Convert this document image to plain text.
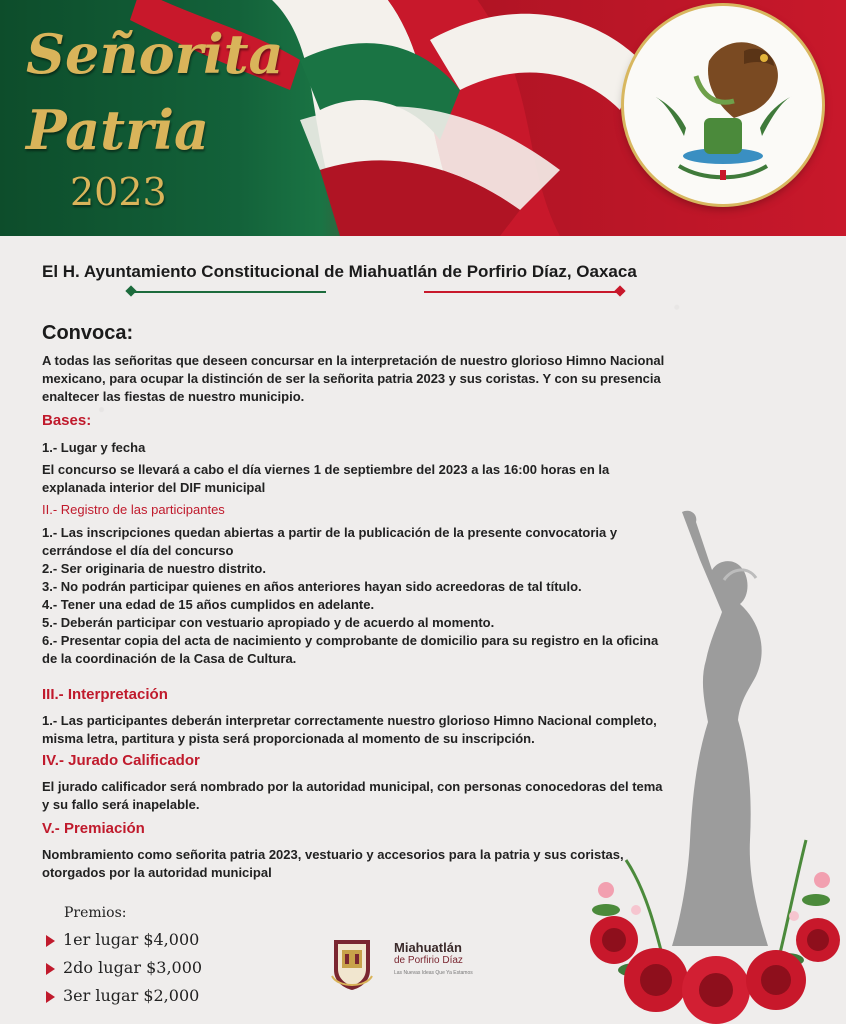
Señorita
Patria
2023
El H. Ayuntamiento Constitucional de Miahuatlán de Porfirio Díaz, Oaxaca
Convoca:
A todas las señoritas que deseen concursar en la interpretación de nuestro glorioso Himno Nacional
mexicano, para ocupar la distinción de ser la señorita patria 2023 y sus coristas. Y con su presencia
enaltecer las fiestas de nuestro municipio.
Bases:
1.- Lugar y fecha
El concurso se llevará a cabo el día viernes 1 de septiembre del 2023 a las 16:00 horas en la
explanada interior del DIF municipal
II.- Registro de las participantes
1.- Las inscripciones quedan abiertas a partir de la publicación de la presente convocatoria y
cerrándose el día del concurso
2.- Ser originaria de nuestro distrito.
3.- No podrán participar quienes en años anteriores hayan sido acreedoras de tal título.
4.- Tener una edad de 15 años cumplidos en adelante.
5.- Deberán participar con vestuario apropiado y de acuerdo al momento.
6.- Presentar copia del acta de nacimiento y comprobante de domicilio para su registro en la oficina
de la coordinación de la Casa de Cultura.
III.- Interpretación
1.- Las participantes deberán interpretar correctamente nuestro glorioso Himno Nacional completo,
misma letra, partitura y pista será proporcionada al momento de su inscripción.
IV.- Jurado Calificador
El jurado calificador será nombrado por la autoridad municipal, con personas conocedoras del tema
y su fallo será inapelable.
V.- Premiación
Nombramiento como señorita patria 2023, vestuario y accesorios para la patria y sus coristas,
otorgados por la autoridad municipal
Premios:
1er lugar $4,000
2do lugar $3,000
3er lugar $2,000
Miahuatlán
de Porfirio Díaz
Las Nuevas Ideas Que Ya Estamos
